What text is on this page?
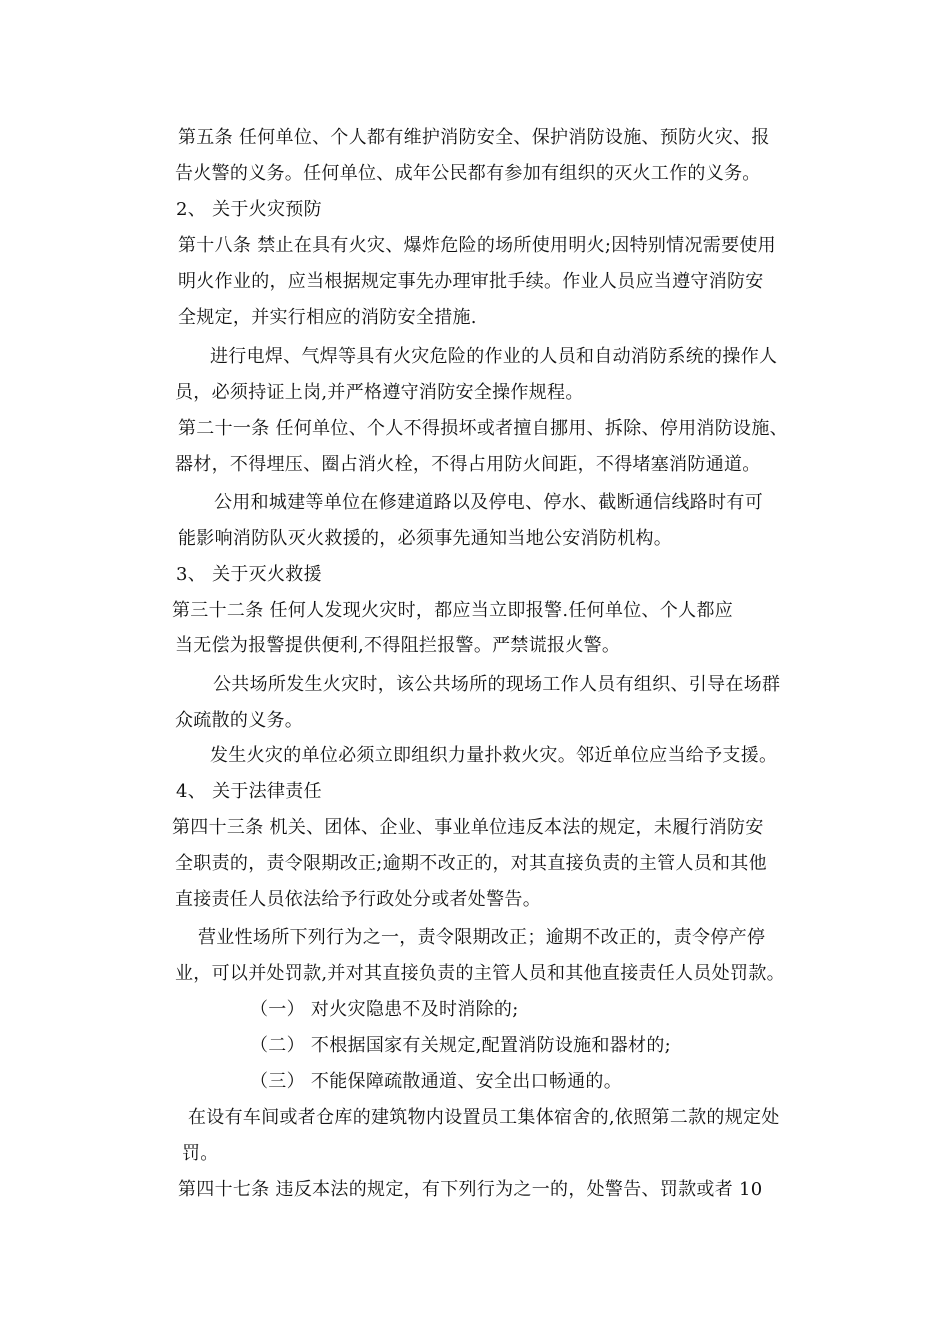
第五条 任何单位、个人都有维护消防安全、保护消防设施、预防火灾、报
告火警的义务。任何单位、成年公民都有参加有组织的灭火工作的义务。
2、 关于火灾预防
第十八条 禁止在具有火灾、爆炸危险的场所使用明火;因特别情况需要使用
明火作业的，应当根据规定事先办理审批手续。作业人员应当遵守消防安
全规定，并实行相应的消防安全措施.
进行电焊、气焊等具有火灾危险的作业的人员和自动消防系统的操作人
员，必须持证上岗,并严格遵守消防安全操作规程。
第二十一条 任何单位、个人不得损坏或者擅自挪用、拆除、停用消防设施、
器材，不得埋压、圈占消火栓，不得占用防火间距，不得堵塞消防通道。
公用和城建等单位在修建道路以及停电、停水、截断通信线路时有可
能影响消防队灭火救援的，必须事先通知当地公安消防机构。
3、 关于灭火救援
第三十二条 任何人发现火灾时，都应当立即报警.任何单位、个人都应
当无偿为报警提供便利,不得阻拦报警。严禁谎报火警。
公共场所发生火灾时，该公共场所的现场工作人员有组织、引导在场群
众疏散的义务。
发生火灾的单位必须立即组织力量扑救火灾。邻近单位应当给予支援。
4、 关于法律责任
第四十三条 机关、团体、企业、事业单位违反本法的规定，未履行消防安
全职责的，责令限期改正;逾期不改正的，对其直接负责的主管人员和其他
直接责任人员依法给予行政处分或者处警告。
营业性场所下列行为之一，责令限期改正；逾期不改正的，责令停产停
业，可以并处罚款,并对其直接负责的主管人员和其他直接责任人员处罚款。
（一） 对火灾隐患不及时消除的;
（二） 不根据国家有关规定,配置消防设施和器材的;
（三） 不能保障疏散通道、安全出口畅通的。
在设有车间或者仓库的建筑物内设置员工集体宿舍的,依照第二款的规定处
罚。
第四十七条 违反本法的规定，有下列行为之一的，处警告、罚款或者 10
